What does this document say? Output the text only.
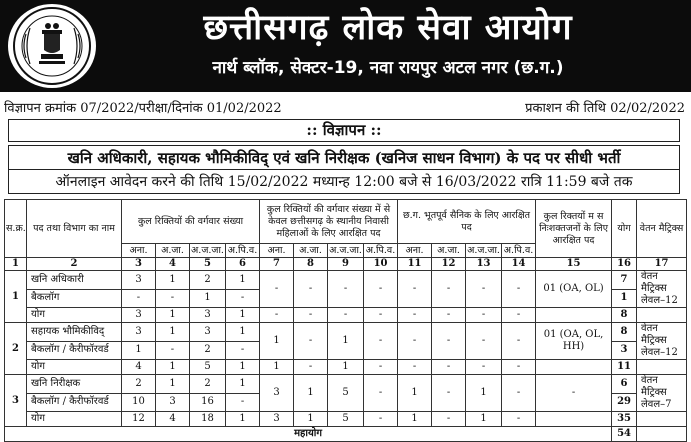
छत्तीसगढ़ लोक सेवा आयोग
नार्थ ब्लॉक, सेक्टर-19, नवा रायपुर अटल नगर (छ.ग.)
विज्ञापन क्रमांक 07/2022/परीक्षा/दिनांक 01/02/2022	प्रकाशन की तिथि 02/02/2022
:: विज्ञापन ::
खनि अधिकारी, सहायक भौमिकीविद् एवं खनि निरीक्षक (खनिज साधन विभाग) के पद पर सीधी भर्ती
ऑनलाइन आवेदन करने की तिथि 15/02/2022 मध्यान्ह 12:00 बजे से 16/03/2022 रात्रि 11:59 बजे तक
स.क्र.	पद तथा विभाग का नाम	कुल रिक्तियों की वर्गवार संख्या				कुल रिक्तियों की वर्गवार संख्या में से केवल छत्तीसगढ़ के स्थानीय निवासी महिलाओं के लिए आरक्षित पद				छ.ग. भूतपूर्व सैनिक के लिए आरक्षित पद				कुल रिक्तयों म स निःशक्तजनों के लिए आरक्षित पद	योग	वेतन मैट्रिक्स
		अना.	अ.जा.	अ.ज.जा.	अ.पि.व.	अना.	अ.जा.	अ.ज.जा.	अ.पि.व.	अना.	अ.जा.	अ.ज.जा.	अ.पि.व.			
1	2	3	4	5	6	7	8	9	10	11	12	13	14	15	16	17
1	खनि अधिकारी	3	1	2	1	-	-	-	-	-	-	-	-	01 (OA, OL)	7	वेतन मैट्रिक्स लेवल–12
	बैकलॉग	-	-	1	-										1	
	योग	3	1	3	1	-	-	-	-	-	-	-	-		8	
2	सहायक भौमिकीविद्	3	1	3	1	1	-	1	-	-	-	-	-	01 (OA, OL, HH)	8	वेतन मैट्रिक्स लेवल–12
	बैकलॉग / कैरीफॉरवर्ड	1	-	2	-										3	
	योग	4	1	5	1	1	-	1	-	-	-	-	-		11	
3	खनि निरीक्षक	2	1	2	1	3	1	5	-	1	-	1	-	-	6	वेतन मैट्रिक्स लेवल–7
	बैकलॉग / कैरीफॉरवर्ड	10	3	16	-										29	
	योग	12	4	18	1	3	1	5	-	1	-	1	-		35	
महायोग															54	
